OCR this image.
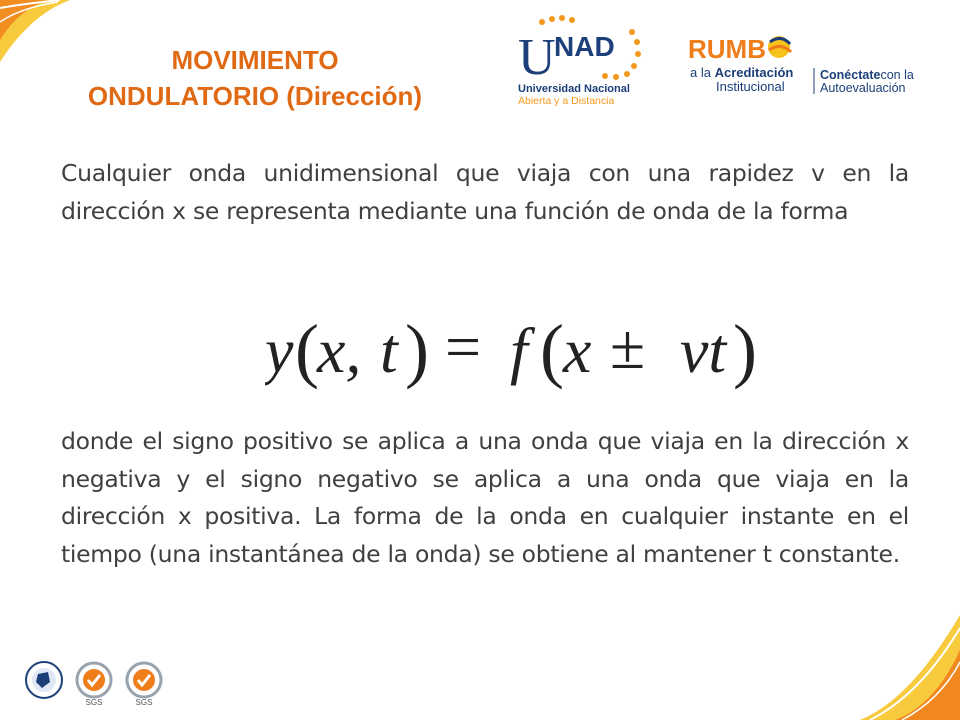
MOVIMIENTO
ONDULATORIO (Dirección)
U
NAD
Universidad Nacional
Abierta y a Distancia
RUMB
a la Acreditación
Institucional
Conéctatecon la
Autoevaluación
Cualquier onda unidimensional que viaja con una rapidez v en la dirección x se representa mediante una función de onda de la forma
y (
x, t ) = f ( x ± vt )
donde el signo positivo se aplica a una onda que viaja en la dirección x negativa y el signo negativo se aplica a una onda que viaja en la dirección x positiva. La forma de la onda en cualquier instante en el tiempo (una instantánea de la onda) se obtiene al mantener t constante.
SGS	SGS
